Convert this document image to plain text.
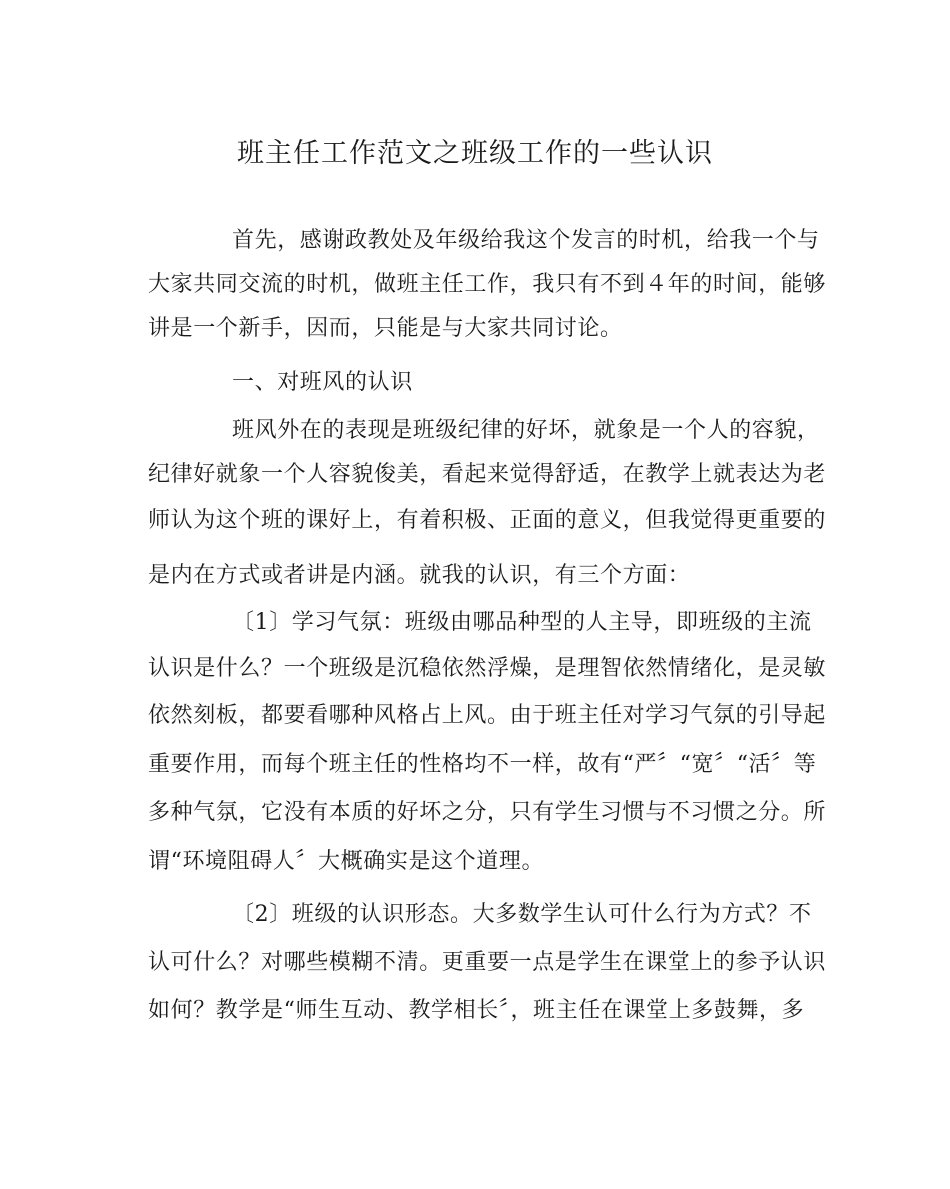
班主任工作范文之班级工作的一些认识
首先，感谢政教处及年级给我这个发言的时机，给我一个与
大家共同交流的时机，做班主任工作，我只有不到４年的时间，能够
讲是一个新手，因而，只能是与大家共同讨论。
一、对班风的认识
班风外在的表现是班级纪律的好坏，就象是一个人的容貌，
纪律好就象一个人容貌俊美，看起来觉得舒适，在教学上就表达为老
师认为这个班的课好上，有着积极、正面的意义，但我觉得更重要的
是内在方式或者讲是内涵。就我的认识，有三个方面：
〔1〕学习气氛：班级由哪品种型的人主导，即班级的主流
认识是什么？一个班级是沉稳依然浮燥，是理智依然情绪化，是灵敏
依然刻板，都要看哪种风格占上风。由于班主任对学习气氛的引导起
重要作用，而每个班主任的性格均不一样，故有“严〞“宽〞“活〞等
多种气氛，它没有本质的好坏之分，只有学生习惯与不习惯之分。所
谓“环境阻碍人〞大概确实是这个道理。
〔2〕班级的认识形态。大多数学生认可什么行为方式？不
认可什么？对哪些模糊不清。更重要一点是学生在课堂上的参予认识
如何？教学是“师生互动、教学相长〞，班主任在课堂上多鼓舞，多
